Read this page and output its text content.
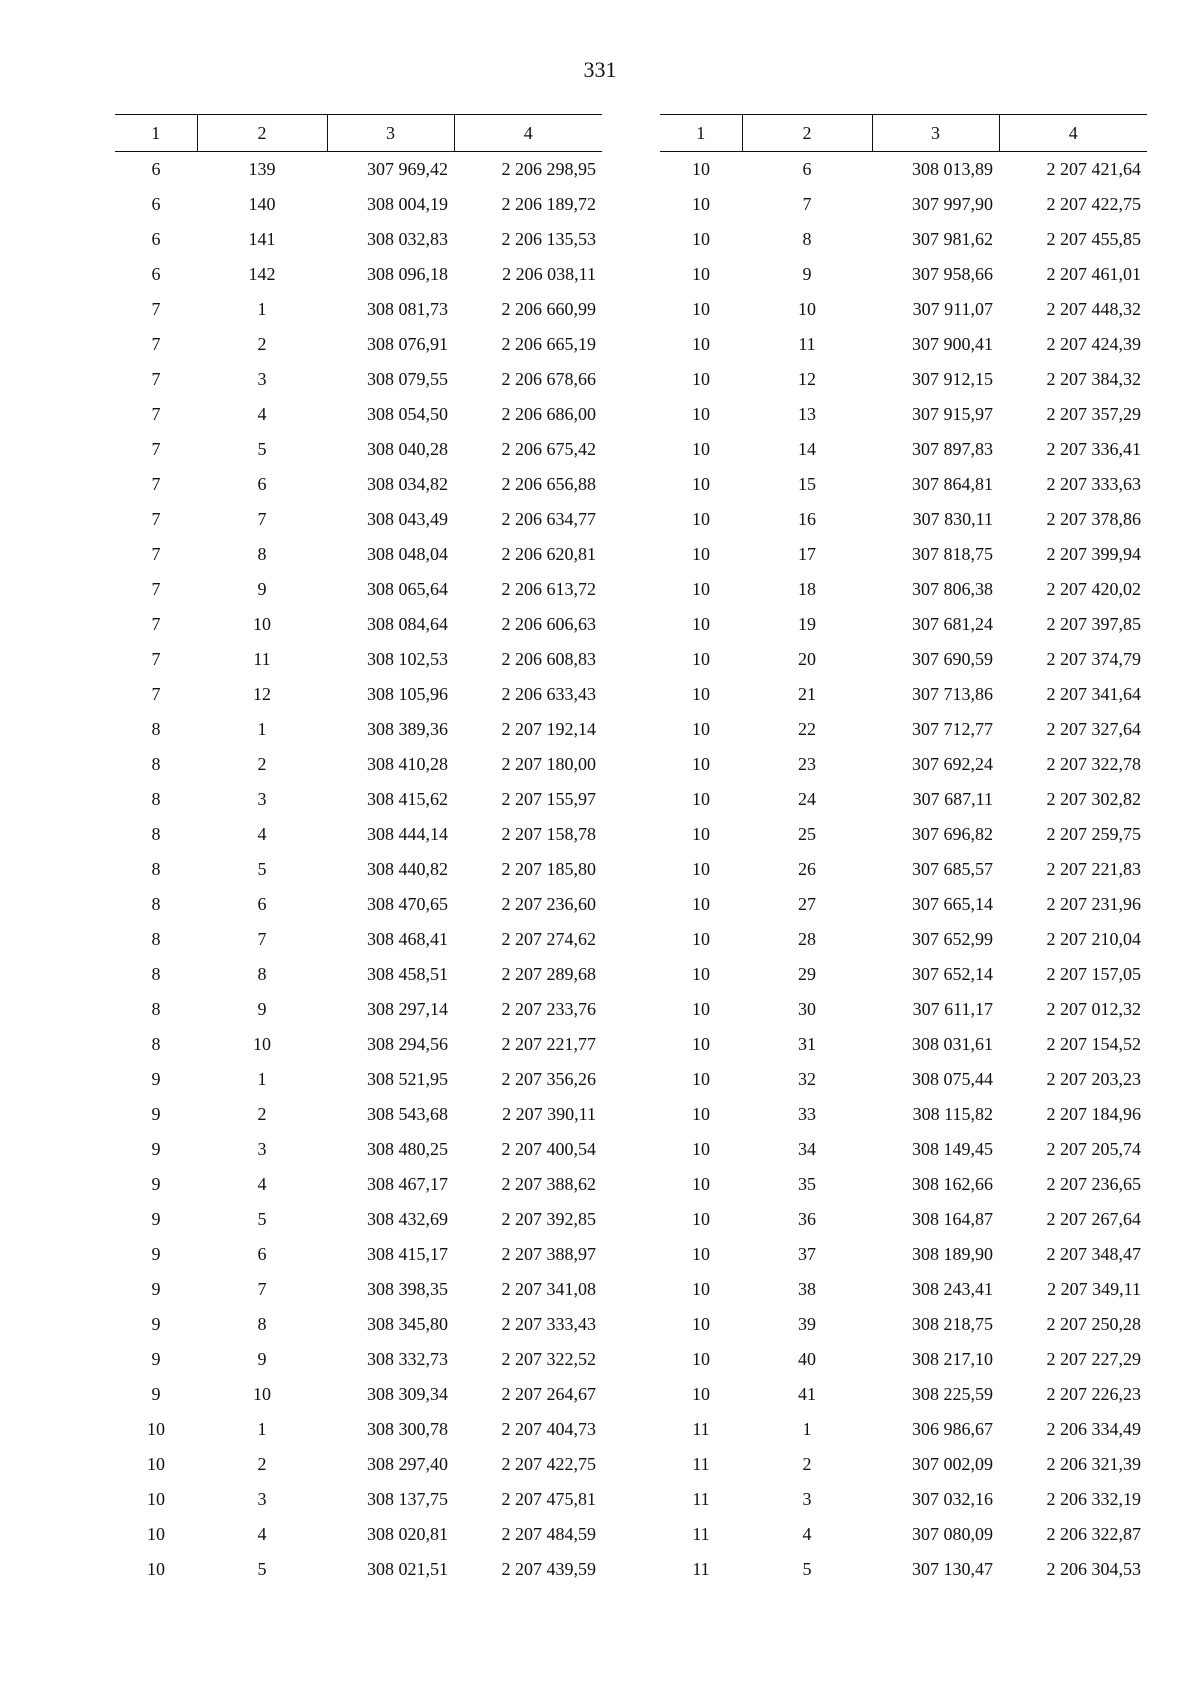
331
1	2	3	4
6	139	307 969,42	2 206 298,95
6	140	308 004,19	2 206 189,72
6	141	308 032,83	2 206 135,53
6	142	308 096,18	2 206 038,11
7	1	308 081,73	2 206 660,99
7	2	308 076,91	2 206 665,19
7	3	308 079,55	2 206 678,66
7	4	308 054,50	2 206 686,00
7	5	308 040,28	2 206 675,42
7	6	308 034,82	2 206 656,88
7	7	308 043,49	2 206 634,77
7	8	308 048,04	2 206 620,81
7	9	308 065,64	2 206 613,72
7	10	308 084,64	2 206 606,63
7	11	308 102,53	2 206 608,83
7	12	308 105,96	2 206 633,43
8	1	308 389,36	2 207 192,14
8	2	308 410,28	2 207 180,00
8	3	308 415,62	2 207 155,97
8	4	308 444,14	2 207 158,78
8	5	308 440,82	2 207 185,80
8	6	308 470,65	2 207 236,60
8	7	308 468,41	2 207 274,62
8	8	308 458,51	2 207 289,68
8	9	308 297,14	2 207 233,76
8	10	308 294,56	2 207 221,77
9	1	308 521,95	2 207 356,26
9	2	308 543,68	2 207 390,11
9	3	308 480,25	2 207 400,54
9	4	308 467,17	2 207 388,62
9	5	308 432,69	2 207 392,85
9	6	308 415,17	2 207 388,97
9	7	308 398,35	2 207 341,08
9	8	308 345,80	2 207 333,43
9	9	308 332,73	2 207 322,52
9	10	308 309,34	2 207 264,67
10	1	308 300,78	2 207 404,73
10	2	308 297,40	2 207 422,75
10	3	308 137,75	2 207 475,81
10	4	308 020,81	2 207 484,59
10	5	308 021,51	2 207 439,59
1	2	3	4
10	6	308 013,89	2 207 421,64
10	7	307 997,90	2 207 422,75
10	8	307 981,62	2 207 455,85
10	9	307 958,66	2 207 461,01
10	10	307 911,07	2 207 448,32
10	11	307 900,41	2 207 424,39
10	12	307 912,15	2 207 384,32
10	13	307 915,97	2 207 357,29
10	14	307 897,83	2 207 336,41
10	15	307 864,81	2 207 333,63
10	16	307 830,11	2 207 378,86
10	17	307 818,75	2 207 399,94
10	18	307 806,38	2 207 420,02
10	19	307 681,24	2 207 397,85
10	20	307 690,59	2 207 374,79
10	21	307 713,86	2 207 341,64
10	22	307 712,77	2 207 327,64
10	23	307 692,24	2 207 322,78
10	24	307 687,11	2 207 302,82
10	25	307 696,82	2 207 259,75
10	26	307 685,57	2 207 221,83
10	27	307 665,14	2 207 231,96
10	28	307 652,99	2 207 210,04
10	29	307 652,14	2 207 157,05
10	30	307 611,17	2 207 012,32
10	31	308 031,61	2 207 154,52
10	32	308 075,44	2 207 203,23
10	33	308 115,82	2 207 184,96
10	34	308 149,45	2 207 205,74
10	35	308 162,66	2 207 236,65
10	36	308 164,87	2 207 267,64
10	37	308 189,90	2 207 348,47
10	38	308 243,41	2 207 349,11
10	39	308 218,75	2 207 250,28
10	40	308 217,10	2 207 227,29
10	41	308 225,59	2 207 226,23
11	1	306 986,67	2 206 334,49
11	2	307 002,09	2 206 321,39
11	3	307 032,16	2 206 332,19
11	4	307 080,09	2 206 322,87
11	5	307 130,47	2 206 304,53
